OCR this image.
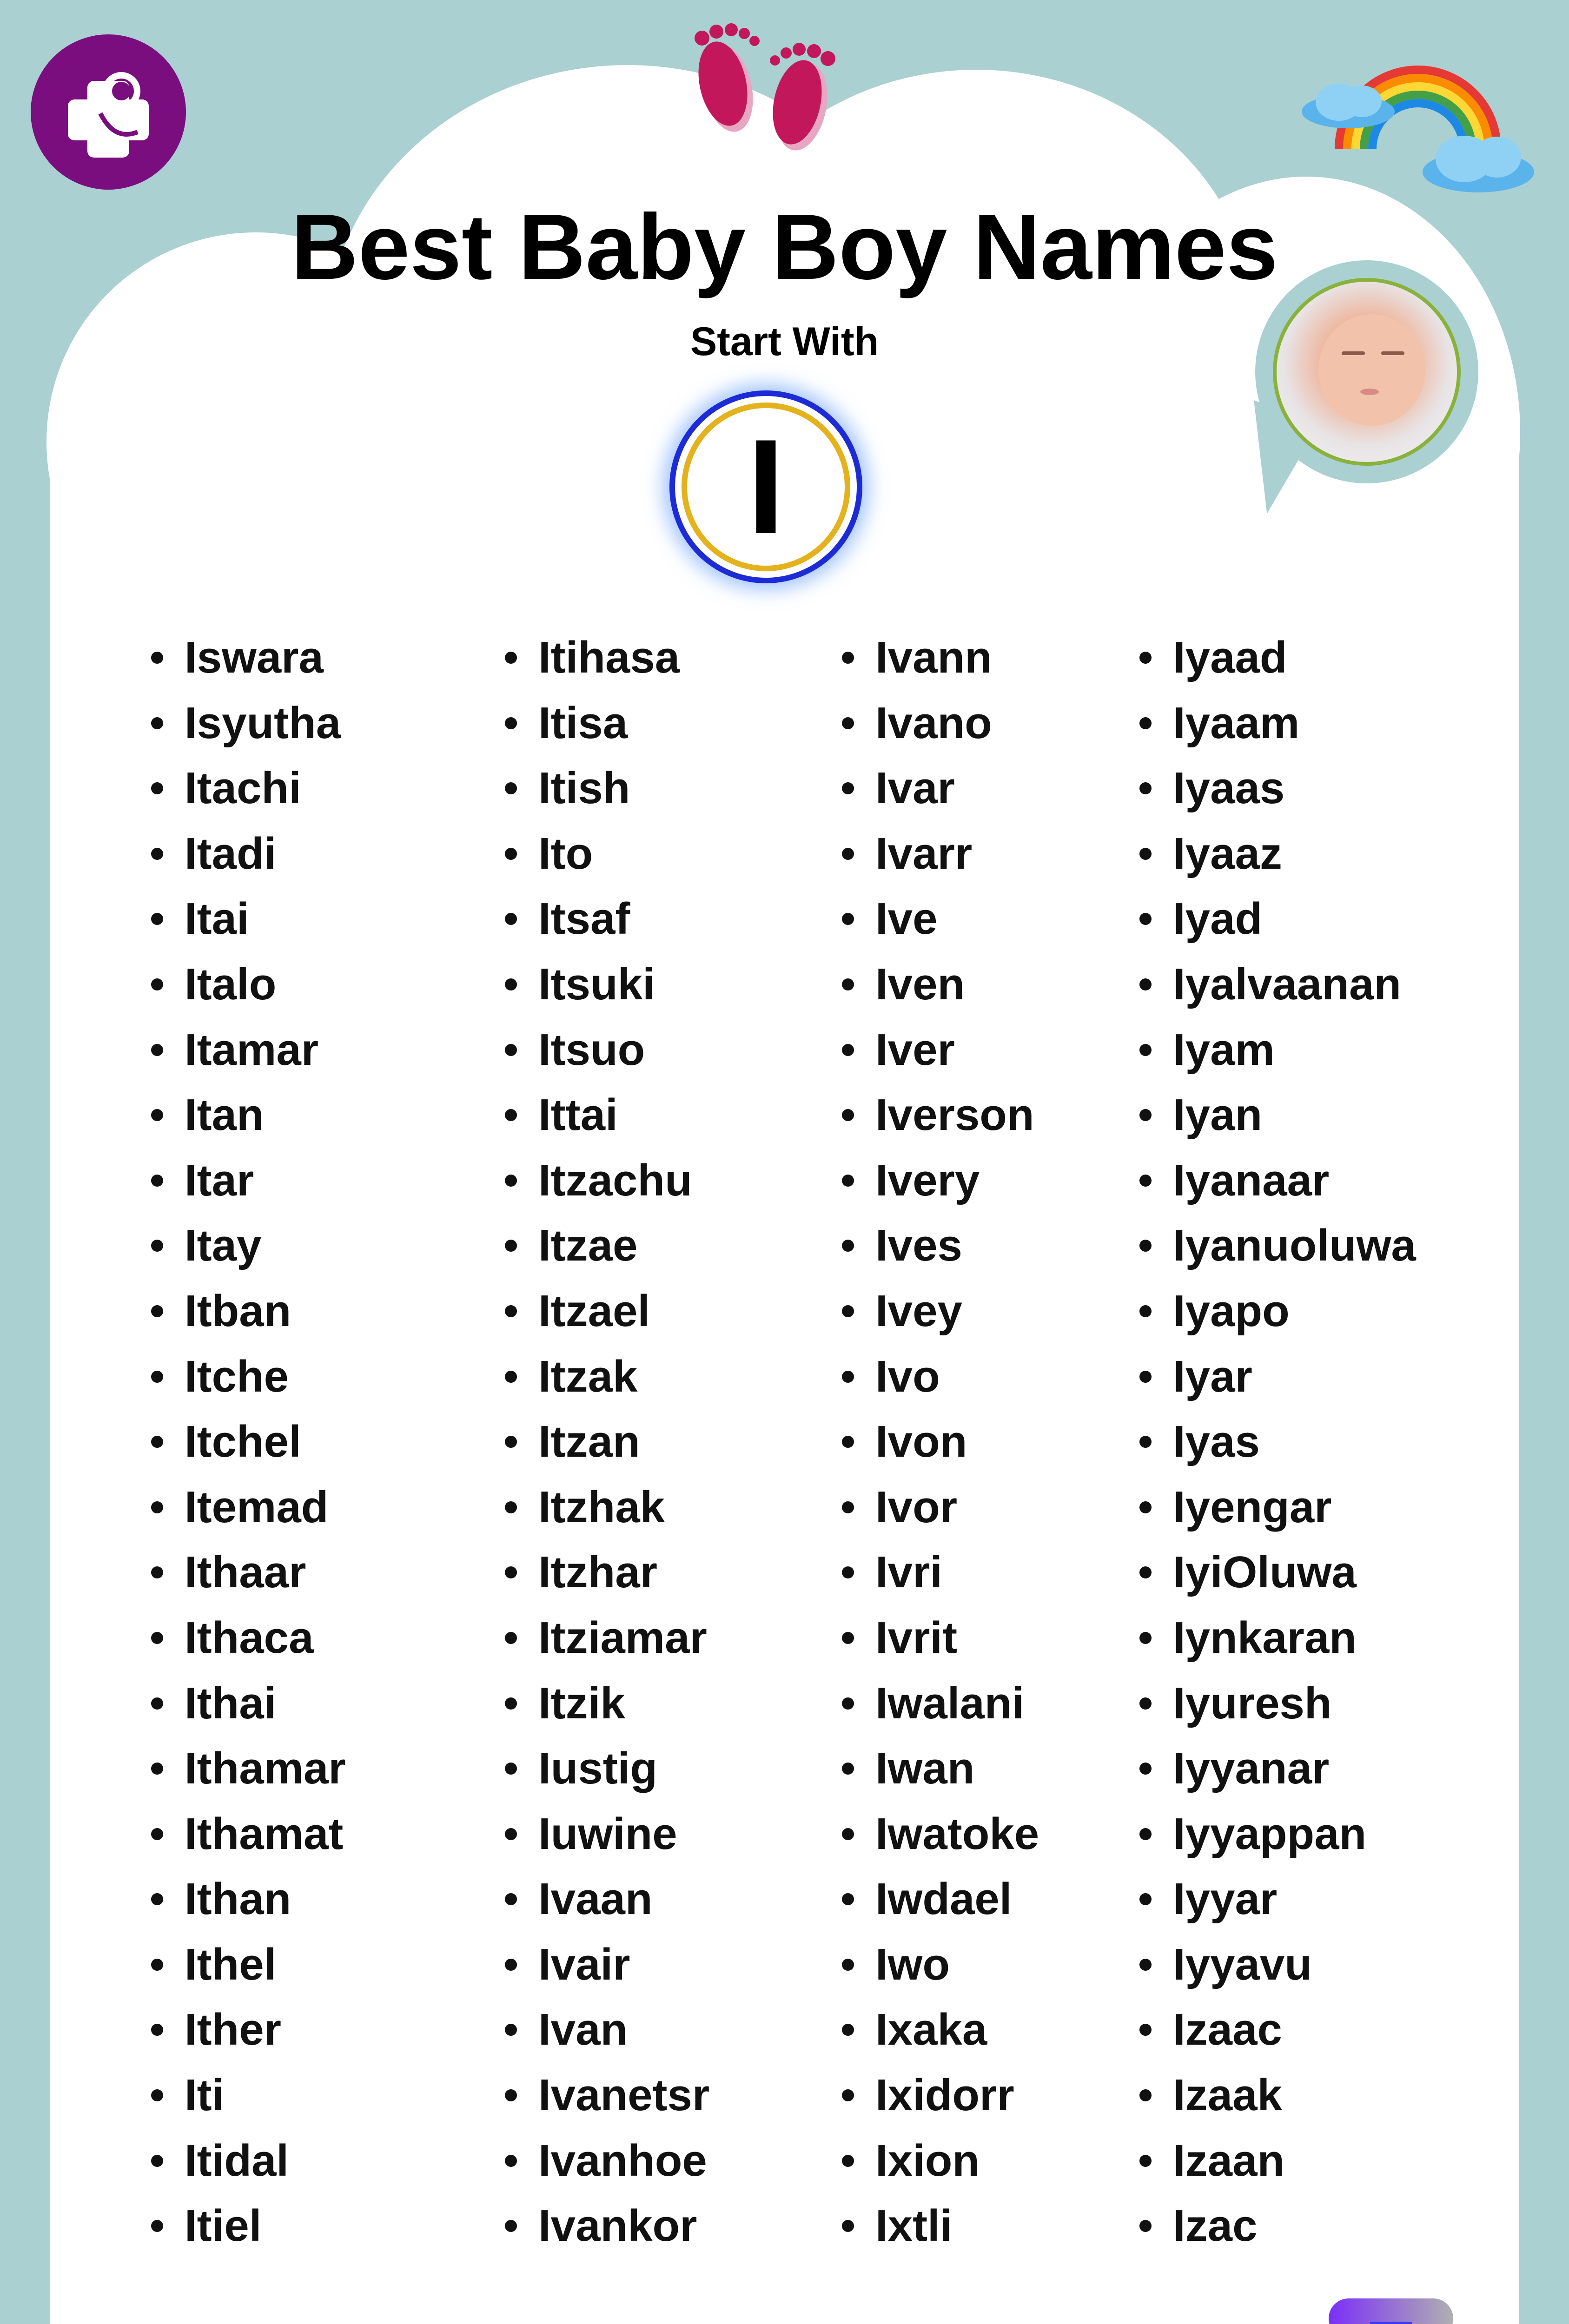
Best Baby Boy Names
Start With
I
Iswara
Isyutha
Itachi
Itadi
Itai
Italo
Itamar
Itan
Itar
Itay
Itban
Itche
Itchel
Itemad
Ithaar
Ithaca
Ithai
Ithamar
Ithamat
Ithan
Ithel
Ither
Iti
Itidal
Itiel
Itihasa
Itisa
Itish
Ito
Itsaf
Itsuki
Itsuo
Ittai
Itzachu
Itzae
Itzael
Itzak
Itzan
Itzhak
Itzhar
Itziamar
Itzik
Iustig
Iuwine
Ivaan
Ivair
Ivan
Ivanetsr
Ivanhoe
Ivankor
Ivann
Ivano
Ivar
Ivarr
Ive
Iven
Iver
Iverson
Ivery
Ives
Ivey
Ivo
Ivon
Ivor
Ivri
Ivrit
Iwalani
Iwan
Iwatoke
Iwdael
Iwo
Ixaka
Ixidorr
Ixion
Ixtli
Iyaad
Iyaam
Iyaas
Iyaaz
Iyad
Iyalvaanan
Iyam
Iyan
Iyanaar
Iyanuoluwa
Iyapo
Iyar
Iyas
Iyengar
IyiOluwa
Iynkaran
Iyuresh
Iyyanar
Iyyappan
Iyyar
Iyyavu
Izaac
Izaak
Izaan
Izac
